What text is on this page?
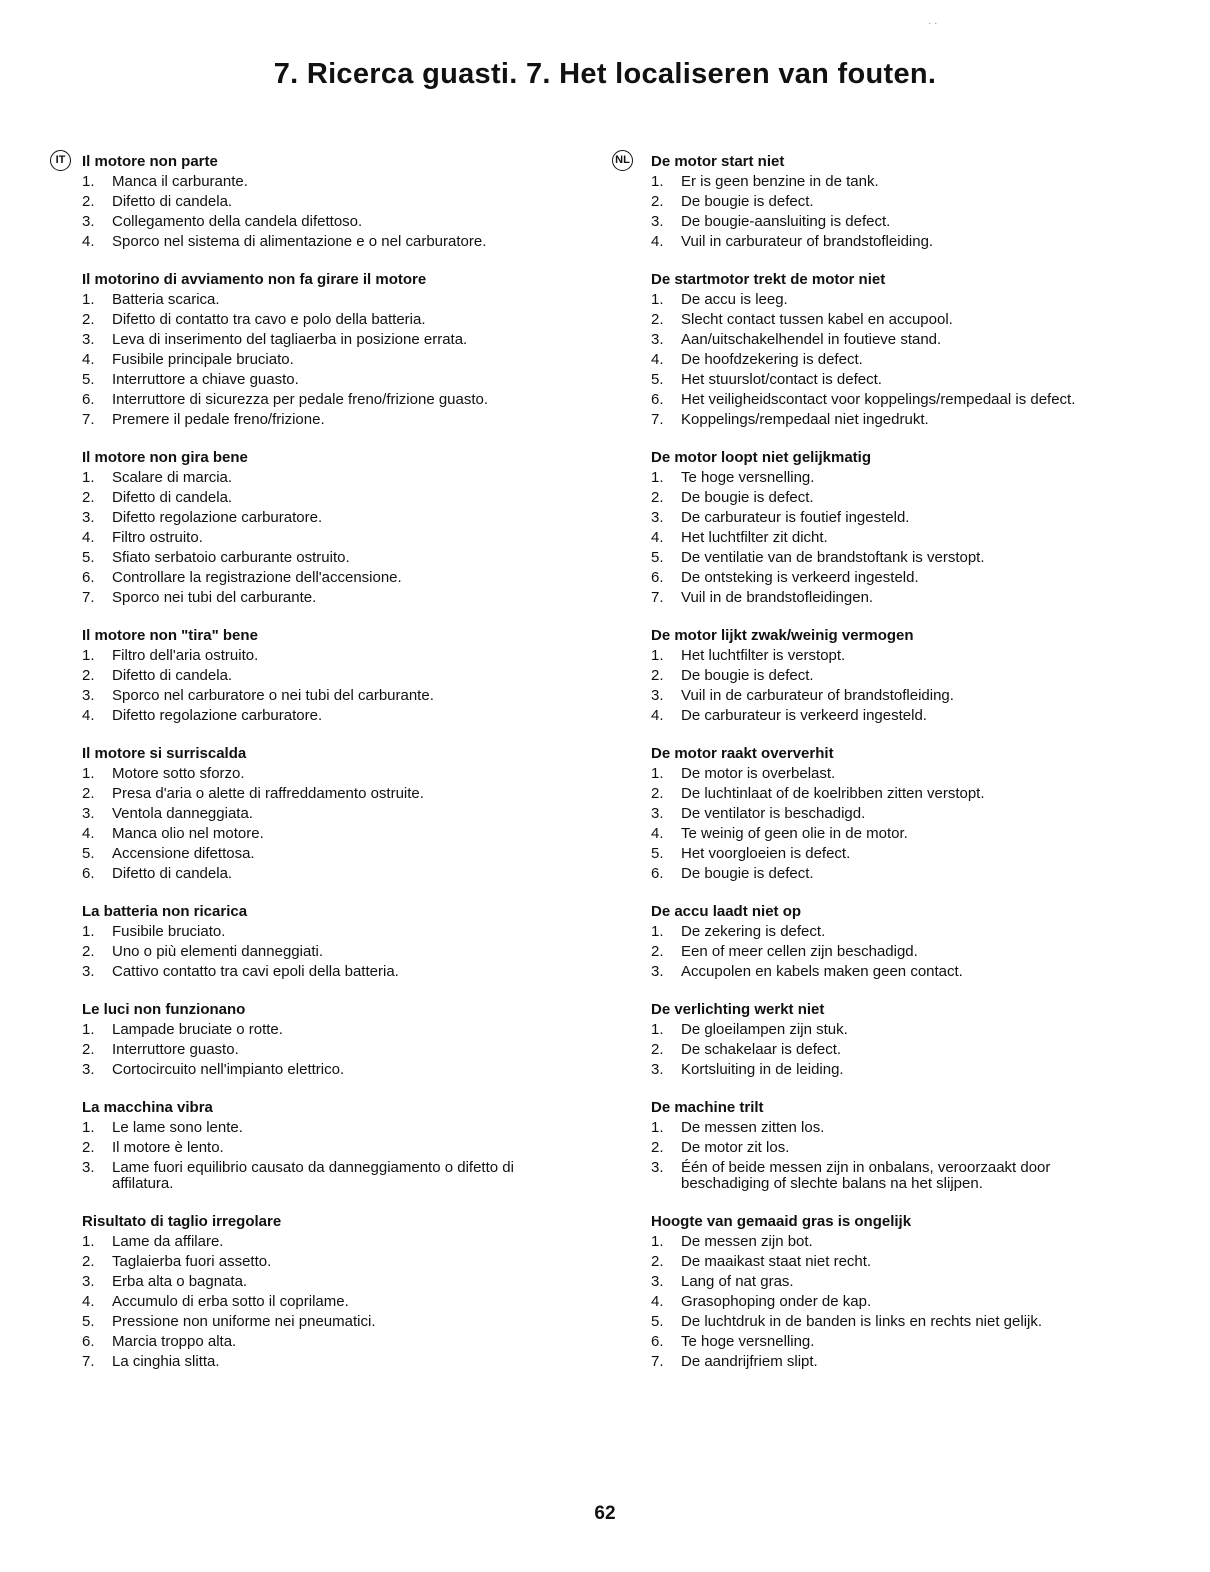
· ·
7. Ricerca guasti. 7. Het localiseren van fouten.
IT	Il motore non parte
1. Manca il carburante.
2. Difetto di candela.
3. Collegamento della candela difettoso.
4. Sporco nel sistema di alimentazione e o nel carburatore.
Il motorino di avviamento non fa girare il motore
1. Batteria scarica.
2. Difetto di contatto tra cavo e polo della batteria.
3. Leva di inserimento del tagliaerba in posizione errata.
4. Fusibile principale bruciato.
5. Interruttore a chiave guasto.
6. Interruttore di sicurezza per pedale freno/frizione guasto.
7. Premere il pedale freno/frizione.
Il motore non gira bene
1. Scalare di marcia.
2. Difetto di candela.
3. Difetto regolazione carburatore.
4. Filtro ostruito.
5. Sfiato serbatoio carburante ostruito.
6. Controllare la registrazione dell'accensione.
7. Sporco nei tubi del carburante.
Il motore non "tira" bene
1. Filtro dell'aria ostruito.
2. Difetto di candela.
3. Sporco nel carburatore o nei tubi del carburante.
4. Difetto regolazione carburatore.
Il motore si surriscalda
1. Motore sotto sforzo.
2. Presa d'aria o alette di raffreddamento ostruite.
3. Ventola danneggiata.
4. Manca olio nel motore.
5. Accensione difettosa.
6. Difetto di candela.
La batteria non ricarica
1. Fusibile bruciato.
2. Uno o più elementi danneggiati.
3. Cattivo contatto tra cavi epoli della batteria.
Le luci non funzionano
1. Lampade bruciate o rotte.
2. Interruttore guasto.
3. Cortocircuito nell'impianto elettrico.
La macchina vibra
1. Le lame sono lente.
2. Il motore è lento.
3. Lame fuori equilibrio causato da danneggiamento o difetto di affilatura.
Risultato di taglio irregolare
1. Lame da affilare.
2. Taglaierba fuori assetto.
3. Erba alta o bagnata.
4. Accumulo di erba sotto il coprilame.
5. Pressione non uniforme nei pneumatici.
6. Marcia troppo alta.
7. La cinghia slitta.
NL De motor start niet
1. Er is geen benzine in de tank.
2. De bougie is defect.
3. De bougie-aansluiting is defect.
4. Vuil in carburateur of brandstofleiding.
De startmotor trekt de motor niet
1. De accu is leeg.
2. Slecht contact tussen kabel en accupool.
3. Aan/uitschakelhendel in foutieve stand.
4. De hoofdzekering is defect.
5. Het stuurslot/contact is defect.
6. Het veiligheidscontact voor koppelings/rempedaal is defect.
7. Koppelings/rempedaal niet ingedrukt.
De motor loopt niet gelijkmatig
1. Te hoge versnelling.
2. De bougie is defect.
3. De carburateur is foutief ingesteld.
4. Het luchtfilter zit dicht.
5. De ventilatie van de brandstoftank is verstopt.
6. De ontsteking is verkeerd ingesteld.
7. Vuil in de brandstofleidingen.
De motor lijkt zwak/weinig vermogen
1. Het luchtfilter is verstopt.
2. De bougie is defect.
3. Vuil in de carburateur of brandstofleiding.
4. De carburateur is verkeerd ingesteld.
De motor raakt oververhit
1. De motor is overbelast.
2. De luchtinlaat of de koelribben zitten verstopt.
3. De ventilator is beschadigd.
4. Te weinig of geen olie in de motor.
5. Het voorgloeien is defect.
6. De bougie is defect.
De accu laadt niet op
1. De zekering is defect.
2. Een of meer cellen zijn beschadigd.
3. Accupolen en kabels maken geen contact.
De verlichting werkt niet
1. De gloeilampen zijn stuk.
2. De schakelaar is defect.
3. Kortsluiting in de leiding.
De machine trilt
1. De messen zitten los.
2. De motor zit los.
3. Één of beide messen zijn in onbalans, veroorzaakt door beschadiging of slechte balans na het slijpen.
Hoogte van gemaaid gras is ongelijk
1. De messen zijn bot.
2. De maaikast staat niet recht.
3. Lang of nat gras.
4. Grasophoping onder de kap.
5. De luchtdruk in de banden is links en rechts niet gelijk.
6. Te hoge versnelling.
7. De aandrijfriem slipt.
62
